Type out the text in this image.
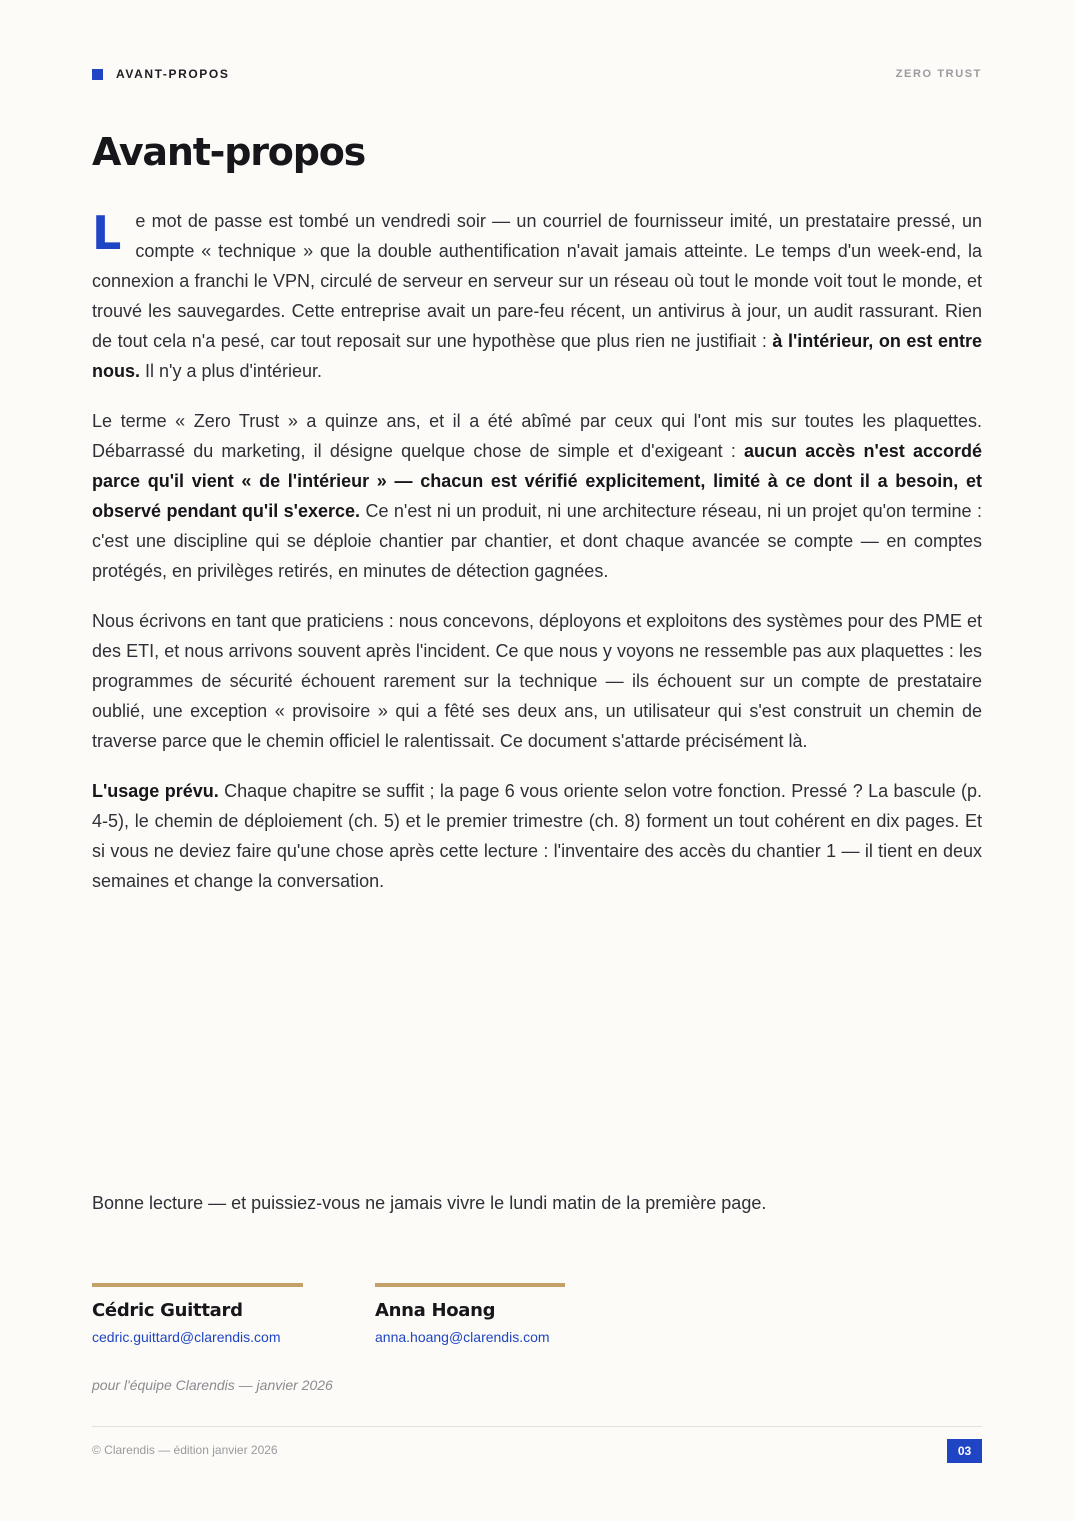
AVANT-PROPOS	ZERO TRUST
Avant-propos

Le mot de passe est tombé un vendredi soir — un courriel de fournisseur imité, un prestataire pressé, un compte « technique » que la double authentification n'avait jamais atteinte. Le temps d'un week-end, la connexion a franchi le VPN, circulé de serveur en serveur sur un réseau où tout le monde voit tout le monde, et trouvé les sauvegardes. Cette entreprise avait un pare-feu récent, un antivirus à jour, un audit rassurant. Rien de tout cela n'a pesé, car tout reposait sur une hypothèse que plus rien ne justifiait : à l'intérieur, on est entre nous. Il n'y a plus d'intérieur.

Le terme « Zero Trust » a quinze ans, et il a été abîmé par ceux qui l'ont mis sur toutes les plaquettes. Débarrassé du marketing, il désigne quelque chose de simple et d'exigeant : aucun accès n'est accordé parce qu'il vient « de l'intérieur » — chacun est vérifié explicitement, limité à ce dont il a besoin, et observé pendant qu'il s'exerce. Ce n'est ni un produit, ni une architecture réseau, ni un projet qu'on termine : c'est une discipline qui se déploie chantier par chantier, et dont chaque avancée se compte — en comptes protégés, en privilèges retirés, en minutes de détection gagnées.

Nous écrivons en tant que praticiens : nous concevons, déployons et exploitons des systèmes pour des PME et des ETI, et nous arrivons souvent après l'incident. Ce que nous y voyons ne ressemble pas aux plaquettes : les programmes de sécurité échouent rarement sur la technique — ils échouent sur un compte de prestataire oublié, une exception « provisoire » qui a fêté ses deux ans, un utilisateur qui s'est construit un chemin de traverse parce que le chemin officiel le ralentissait. Ce document s'attarde précisément là.

L'usage prévu. Chaque chapitre se suffit ; la page 6 vous oriente selon votre fonction. Pressé ? La bascule (p. 4-5), le chemin de déploiement (ch. 5) et le premier trimestre (ch. 8) forment un tout cohérent en dix pages. Et si vous ne deviez faire qu'une chose après cette lecture : l'inventaire des accès du chantier 1 — il tient en deux semaines et change la conversation.

Bonne lecture — et puissiez-vous ne jamais vivre le lundi matin de la première page.

Cédric Guittard
cedric.guittard@clarendis.com
Anna Hoang
anna.hoang@clarendis.com

pour l'équipe Clarendis — janvier 2026

© Clarendis — édition janvier 2026	03
